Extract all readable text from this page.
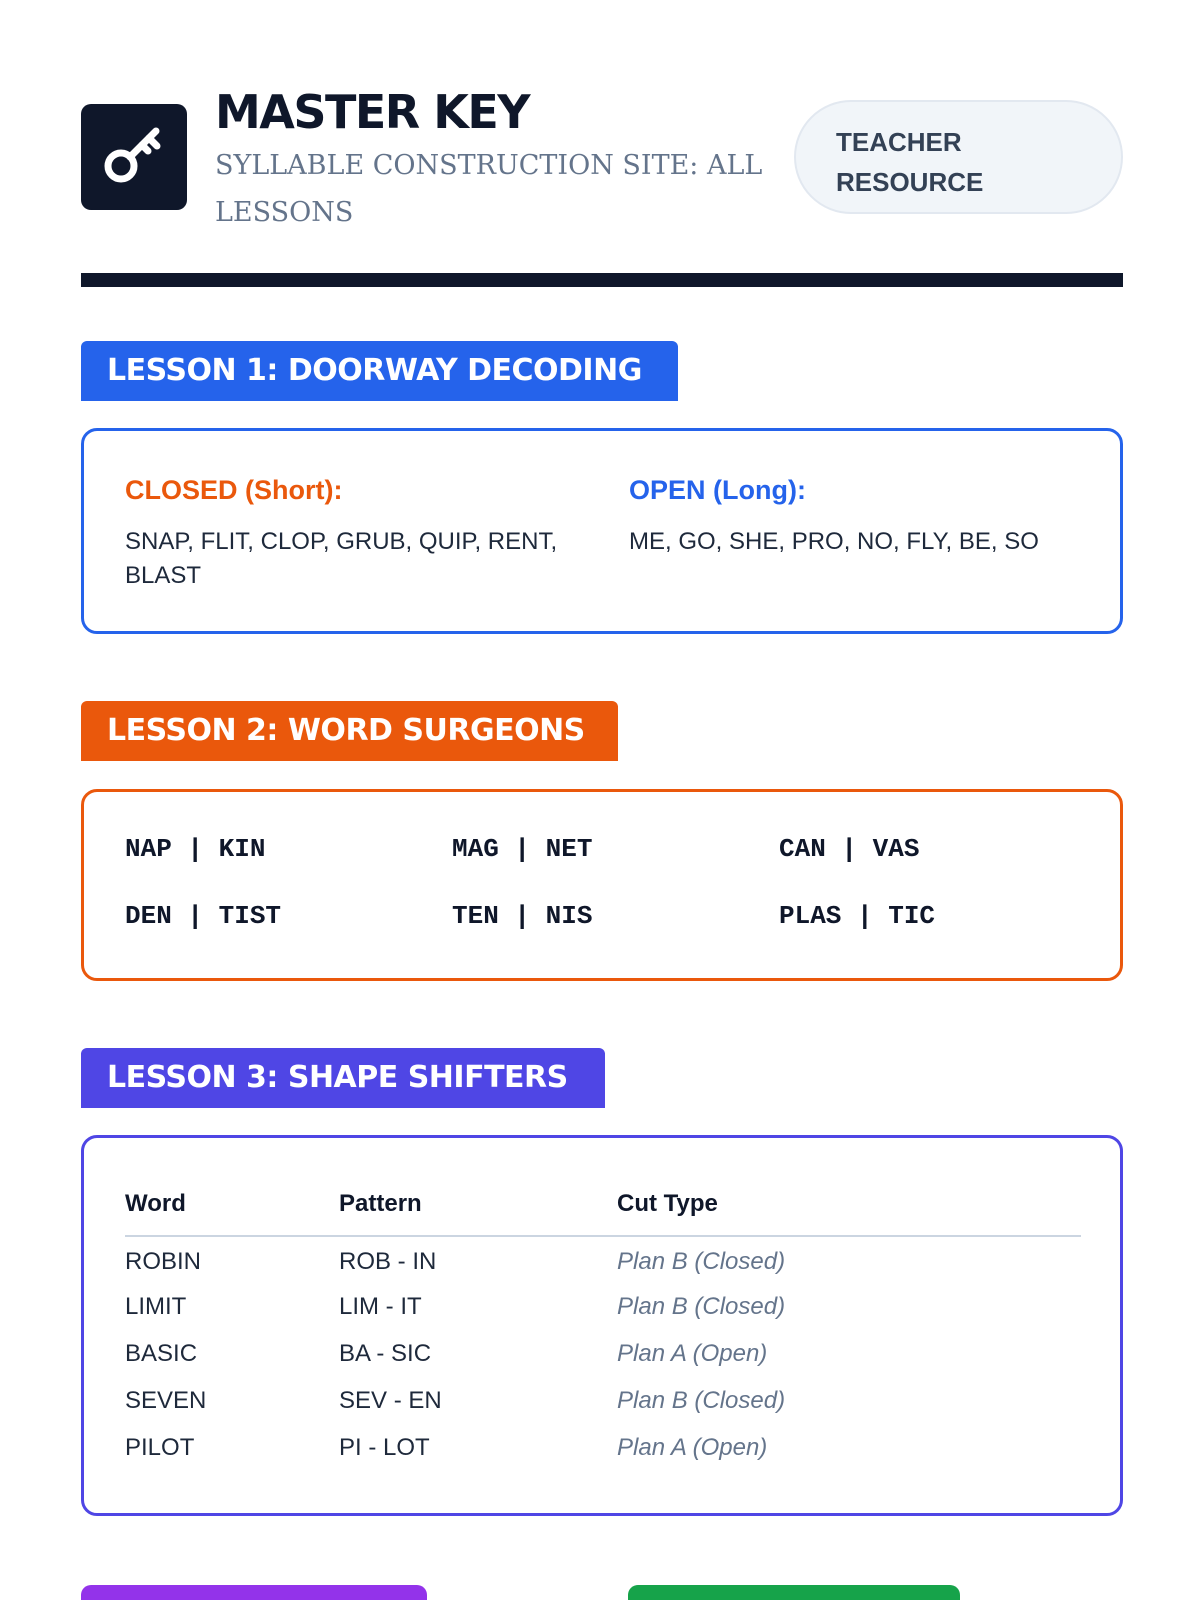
MASTER KEY
SYLLABLE CONSTRUCTION SITE: ALL LESSONS
TEACHER RESOURCE
LESSON 1: DOORWAY DECODING
CLOSED (Short):
SNAP, FLIT, CLOP, GRUB, QUIP, RENT, BLAST
OPEN (Long):
ME, GO, SHE, PRO, NO, FLY, BE, SO
LESSON 2: WORD SURGEONS
NAP | KIN	MAG | NET	CAN | VAS
DEN | TIST	TEN | NIS	PLAS | TIC
LESSON 3: SHAPE SHIFTERS
Word	Pattern	Cut Type
ROBIN	ROB - IN	Plan B (Closed)
LIMIT	LIM - IT	Plan B (Closed)
BASIC	BA - SIC	Plan A (Open)
SEVEN	SEV - EN	Plan B (Closed)
PILOT	PI - LOT	Plan A (Open)
